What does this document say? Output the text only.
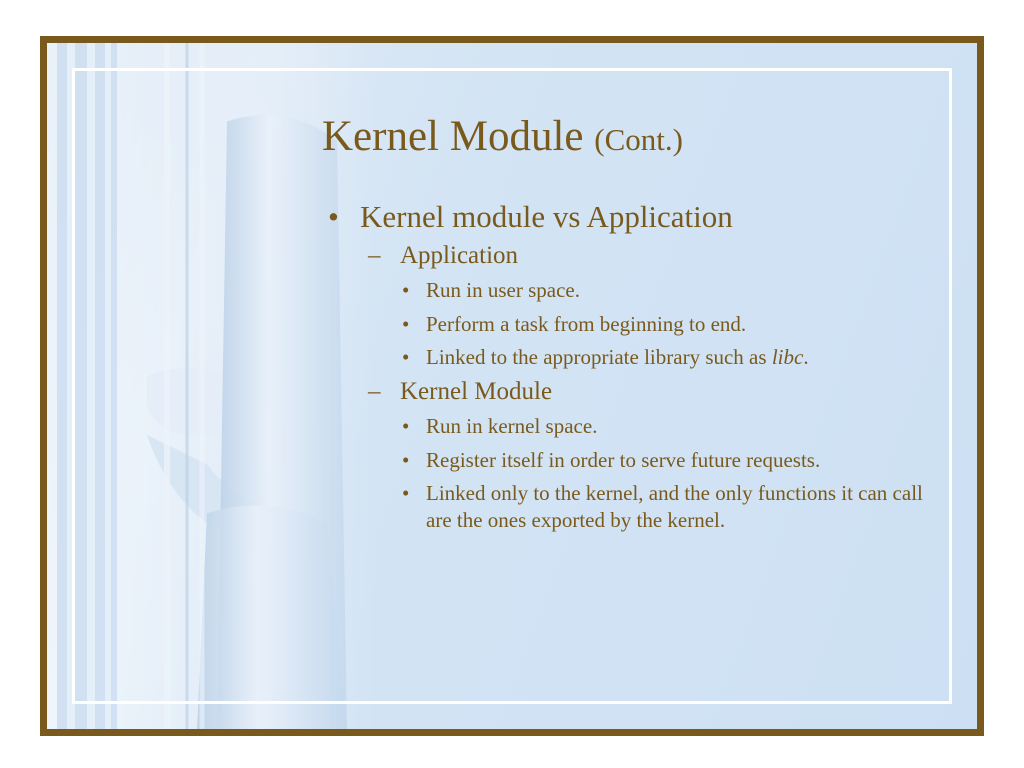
Kernel Module (Cont.)
• Kernel module vs Application
– Application
• Run in user space.
• Perform a task from beginning to end.
• Linked to the appropriate library such as libc.
– Kernel Module
• Run in kernel space.
• Register itself in order to serve future requests.
• Linked only to the kernel, and the only functions it can call are the ones exported by the kernel.
